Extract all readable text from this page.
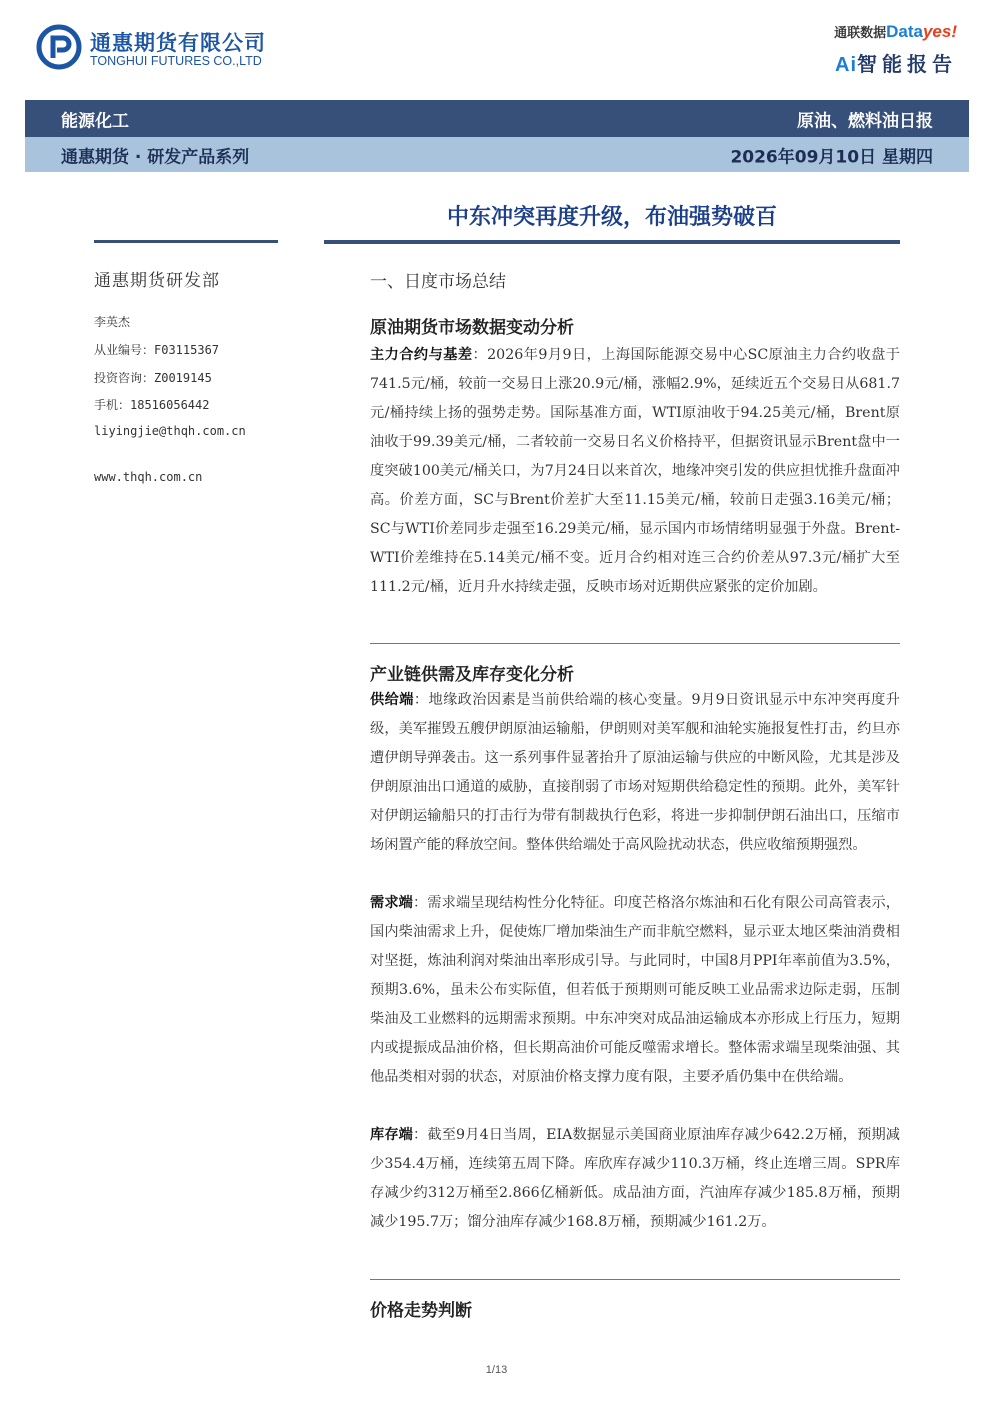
通惠期货有限公司
TONGHUI FUTURES CO.,LTD
通联数据Datayes!
Ai智能报告
能源化工	原油、燃料油日报
通惠期货 · 研发产品系列	2026年09月10日 星期四
中东冲突再度升级，布油强势破百
通惠期货研发部
李英杰
从业编号：F03115367
投资咨询：Z0019145
手机：18516056442
liyingjie@thqh.com.cn
www.thqh.com.cn
一、日度市场总结
原油期货市场数据变动分析
主力合约与基差：2026年9月9日，上海国际能源交易中心SC原油主力合约收盘于741.5元/桶，较前一交易日上涨20.9元/桶，涨幅2.9%，延续近五个交易日从681.7元/桶持续上扬的强势走势。国际基准方面，WTI原油收于94.25美元/桶，Brent原油收于99.39美元/桶，二者较前一交易日名义价格持平，但据资讯显示Brent盘中一度突破100美元/桶关口，为7月24日以来首次，地缘冲突引发的供应担忧推升盘面冲高。价差方面，SC与Brent价差扩大至11.15美元/桶，较前日走强3.16美元/桶；SC与WTI价差同步走强至16.29美元/桶，显示国内市场情绪明显强于外盘。Brent-WTI价差维持在5.14美元/桶不变。近月合约相对连三合约价差从97.3元/桶扩大至111.2元/桶，近月升水持续走强，反映市场对近期供应紧张的定价加剧。
产业链供需及库存变化分析
供给端：地缘政治因素是当前供给端的核心变量。9月9日资讯显示中东冲突再度升级，美军摧毁五艘伊朗原油运输船，伊朗则对美军舰和油轮实施报复性打击，约旦亦遭伊朗导弹袭击。这一系列事件显著抬升了原油运输与供应的中断风险，尤其是涉及伊朗原油出口通道的威胁，直接削弱了市场对短期供给稳定性的预期。此外，美军针对伊朗运输船只的打击行为带有制裁执行色彩，将进一步抑制伊朗石油出口，压缩市场闲置产能的释放空间。整体供给端处于高风险扰动状态，供应收缩预期强烈。
需求端：需求端呈现结构性分化特征。印度芒格洛尔炼油和石化有限公司高管表示，国内柴油需求上升，促使炼厂增加柴油生产而非航空燃料，显示亚太地区柴油消费相对坚挺，炼油利润对柴油出率形成引导。与此同时，中国8月PPI年率前值为3.5%，预期3.6%，虽未公布实际值，但若低于预期则可能反映工业品需求边际走弱，压制柴油及工业燃料的远期需求预期。中东冲突对成品油运输成本亦形成上行压力，短期内或提振成品油价格，但长期高油价可能反噬需求增长。整体需求端呈现柴油强、其他品类相对弱的状态，对原油价格支撑力度有限，主要矛盾仍集中在供给端。
库存端：截至9月4日当周，EIA数据显示美国商业原油库存减少642.2万桶，预期减少354.4万桶，连续第五周下降。库欣库存减少110.3万桶，终止连增三周。SPR库存减少约312万桶至2.866亿桶新低。成品油方面，汽油库存减少185.8万桶，预期减少195.7万；馏分油库存减少168.8万桶，预期减少161.2万。
价格走势判断
1/13
